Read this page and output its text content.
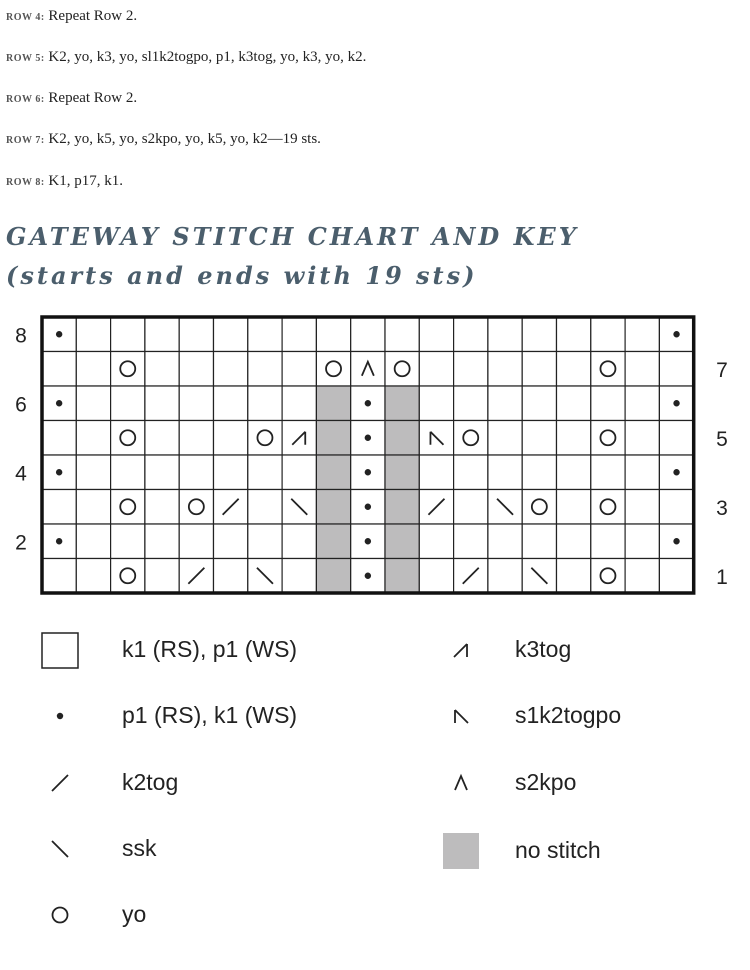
ROW 4: Repeat Row 2.
ROW 5: K2, yo, k3, yo, sl1k2togpo, p1, k3tog, yo, k3, yo, k2.
ROW 6: Repeat Row 2.
ROW 7: K2, yo, k5, yo, s2kpo, yo, k5, yo, k2—19 sts.
ROW 8: K1, p17, k1.
GATEWAY STITCH CHART AND KEY
(starts and ends with 19 sts)
8
7
6
5
4
3
2
1
k1 (RS), p1 (WS)
p1 (RS), k1 (WS)
k2tog
ssk
yo
k3tog
s1k2togpo
s2kpo
no stitch
